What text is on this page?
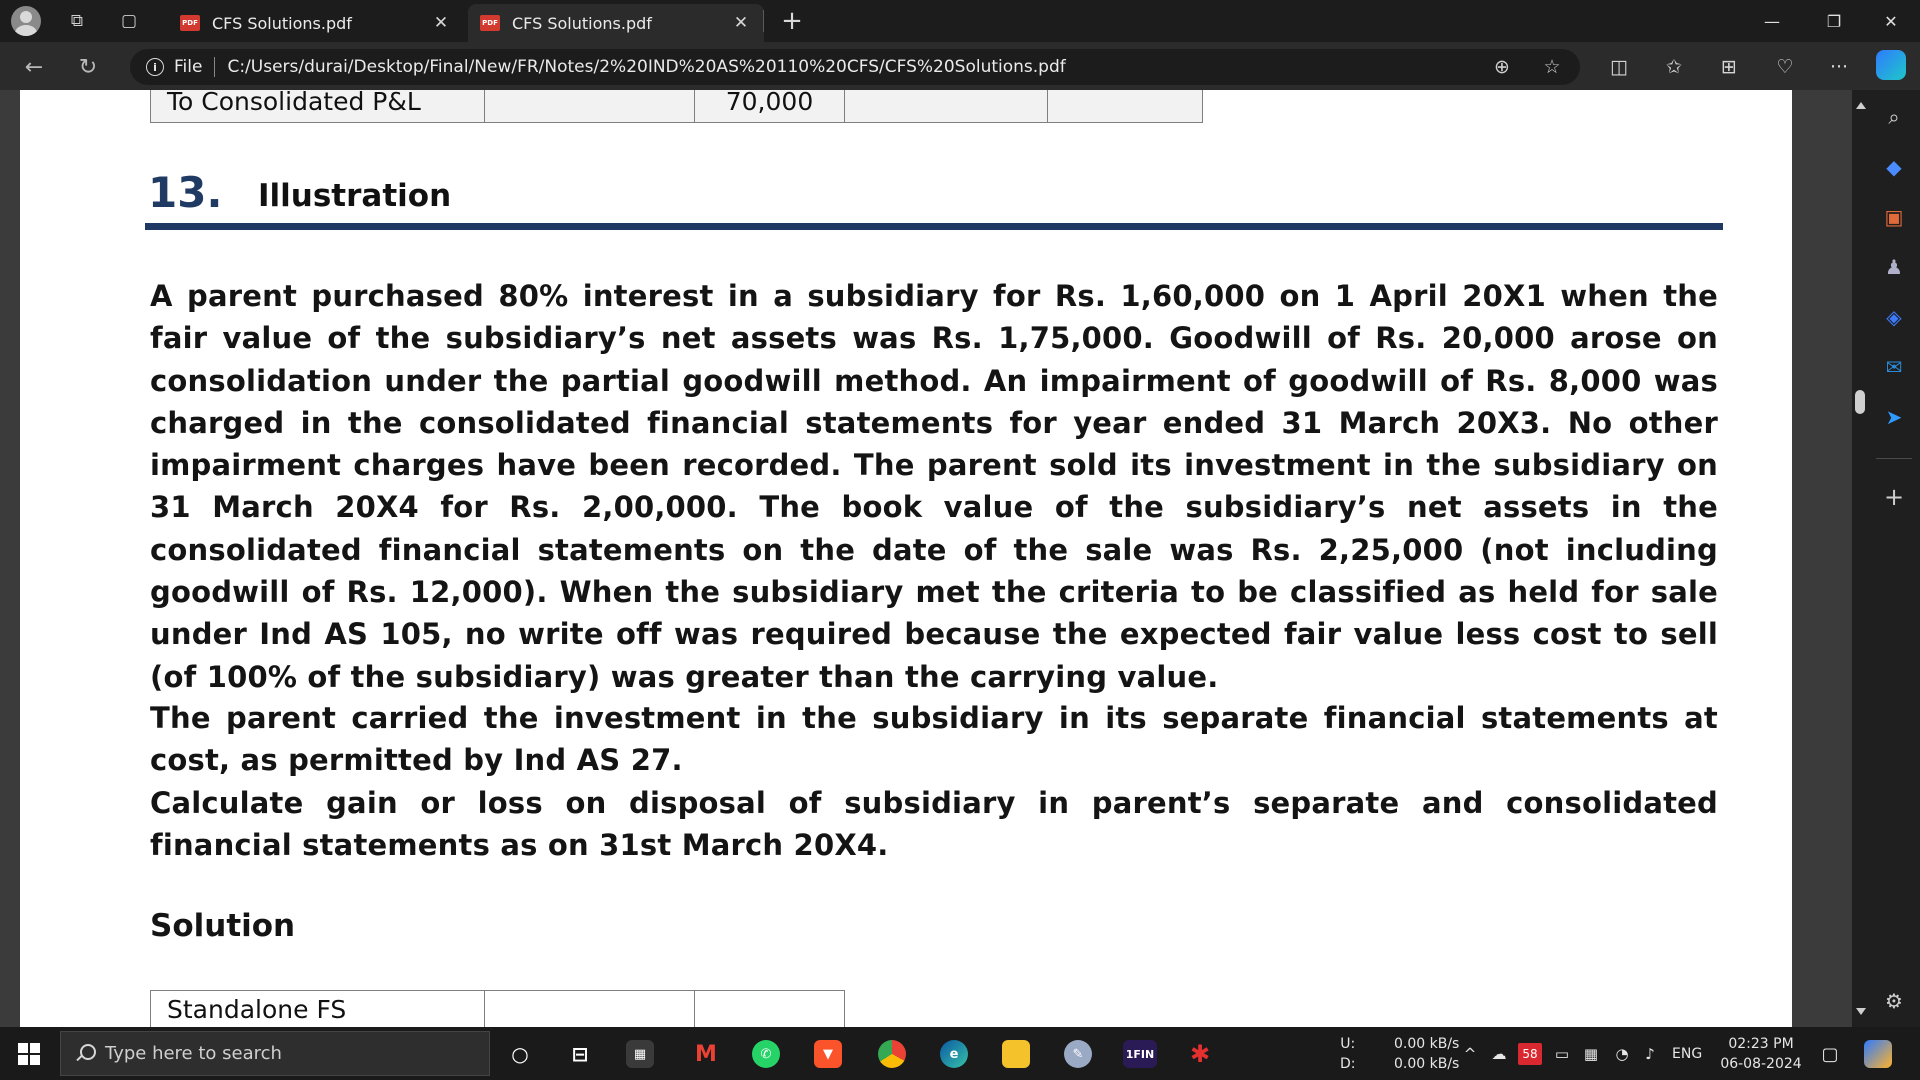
⧉	▢	PDF CFS Solutions.pdf	✕	PDF CFS Solutions.pdf	✕ +	—	❐	✕
←	↻	i	File C:/Users/durai/Desktop/Final/New/FR/Notes/2%20IND%20AS%20110%20CFS/CFS%20Solutions.pdf	⊕	☆	◫	✩	⊞	♡	···
To Consolidated P&L		70,000		
13. Illustration
A parent purchased 80% interest in a subsidiary for Rs. 1,60,000 on 1 April 20X1 when the fair value of the subsidiary’s net assets was Rs. 1,75,000. Goodwill of Rs. 20,000 arose on consolidation under the partial goodwill method. An impairment of goodwill of Rs. 8,000 was charged in the consolidated financial statements for year ended 31 March 20X3. No other impairment charges have been recorded. The parent sold its investment in the subsidiary on 31 March 20X4 for Rs. 2,00,000. The book value of the subsidiary’s net assets in the consolidated financial statements on the date of the sale was Rs. 2,25,000 (not including goodwill of Rs. 12,000). When the subsidiary met the criteria to be classified as held for sale under Ind AS 105, no write off was required because the expected fair value less cost to sell (of 100% of the subsidiary) was greater than the carrying value.
The parent carried the investment in the subsidiary in its separate financial statements at cost, as permitted by Ind AS 27.
Calculate gain or loss on disposal of subsidiary in parent’s separate and consolidated financial statements as on 31st March 20X4.
Solution
Standalone FS		
⌕
◆
▣
♟
◈
✉
➤
+
⚙
Type here to search	○	⊟	▦	M	✆	▼	e	✎	1FIN ✱	U:
D:
0.00 kB/s
0.00 kB/s
^ ☁	58	▭ ▦	◔	♪	ENG
02:23 PM
06-08-2024 ▢
